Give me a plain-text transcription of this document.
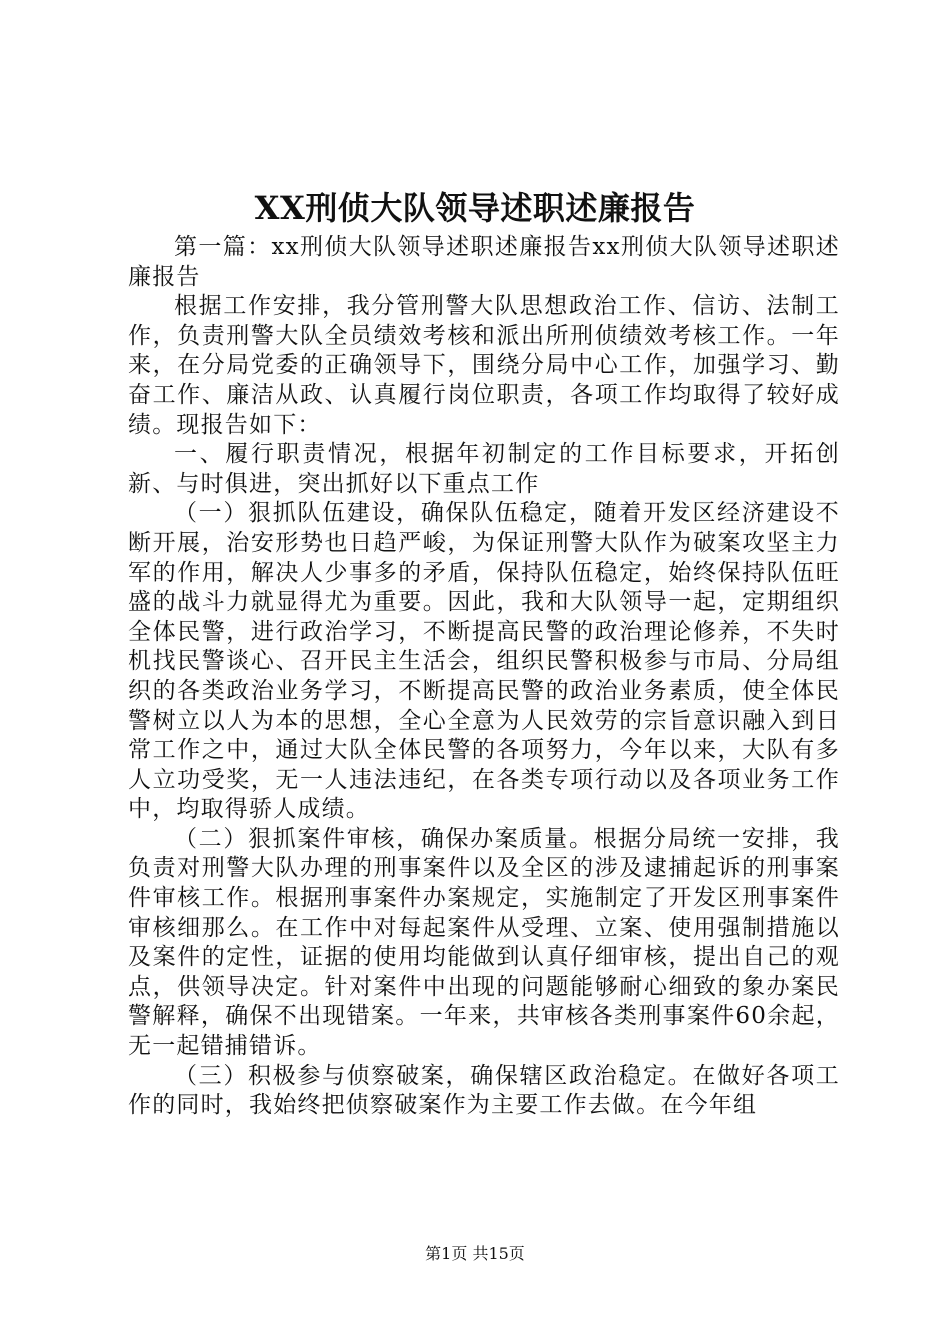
XX刑侦大队领导述职述廉报告

第一篇：xx刑侦大队领导述职述廉报告xx刑侦大队领导述职述廉报告

根据工作安排，我分管刑警大队思想政治工作、信访、法制工作，负责刑警大队全员绩效考核和派出所刑侦绩效考核工作。一年来，在分局党委的正确领导下，围绕分局中心工作，加强学习、勤奋工作、廉洁从政、认真履行岗位职责，各项工作均取得了较好成绩。现报告如下：

一、履行职责情况，根据年初制定的工作目标要求，开拓创新、与时俱进，突出抓好以下重点工作

（一）狠抓队伍建设，确保队伍稳定，随着开发区经济建设不断开展，治安形势也日趋严峻，为保证刑警大队作为破案攻坚主力军的作用，解决人少事多的矛盾，保持队伍稳定，始终保持队伍旺盛的战斗力就显得尤为重要。因此，我和大队领导一起，定期组织全体民警，进行政治学习，不断提高民警的政治理论修养，不失时机找民警谈心、召开民主生活会，组织民警积极参与市局、分局组织的各类政治业务学习，不断提高民警的政治业务素质，使全体民警树立以人为本的思想，全心全意为人民效劳的宗旨意识融入到日常工作之中，通过大队全体民警的各项努力，今年以来，大队有多人立功受奖，无一人违法违纪，在各类专项行动以及各项业务工作中，均取得骄人成绩。

（二）狠抓案件审核，确保办案质量。根据分局统一安排，我负责对刑警大队办理的刑事案件以及全区的涉及逮捕起诉的刑事案件审核工作。根据刑事案件办案规定，实施制定了开发区刑事案件审核细那么。在工作中对每起案件从受理、立案、使用强制措施以及案件的定性，证据的使用均能做到认真仔细审核，提出自己的观点，供领导决定。针对案件中出现的问题能够耐心细致的象办案民警解释，确保不出现错案。一年来，共审核各类刑事案件60余起，无一起错捕错诉。

（三）积极参与侦察破案，确保辖区政治稳定。在做好各项工作的同时，我始终把侦察破案作为主要工作去做。在今年组

第1页 共15页
